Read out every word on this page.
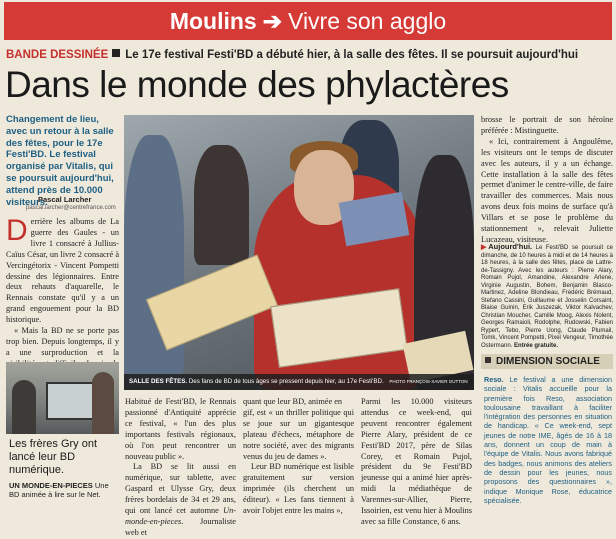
Moulins ➔ Vivre son agglo
BANDE DESSINÉE Le 17e festival Festi'BD a débuté hier, à la salle des fêtes. Il se poursuit aujourd'hui
Dans le monde des phylactères
Changement de lieu, avec un retour à la salle des fêtes, pour le 17e Festi'BD. Le festival organisé par Vitalis, qui se poursuit aujourd'hui, attend près de 10.000 visiteurs.
Pascal Larcher
pascal.larcher@centrefrance.com

Derrière les albums de La guerre des Gaules - un livre 1 consacré à Jullius-Caïus César, un livre 2 consacré à Vercingétorix - Vincent Pompetti dessine des légionnaires. Entre deux rehauts d'aquarelle, le Rennais constate qu'il y a un grand engouement pour la BD historique.

« Mais la BD ne se porte pas trop bien. Depuis longtemps, il y a une surproduction et la

Les frères Gry ont lancé leur BD numérique.
UN MONDE-EN-PIECES Une BD animée à lire sur le Net.
SALLE DES FÊTES. Des fans de BD de tous âges se pressent depuis hier, au 17e Festi'BD. PHOTO FRANÇOIS-XAVIER GUTTON

Habitué de Festi'BD, le Rennais passionné d'Antiquité apprécie ce festival, « l'un des plus importants festivals régionaux, où l'on peut rencontrer un nouveau public ».

La BD se lit aussi en numérique, sur tablette, avec Gaspard et Ulysse Gry, deux frères bordelais de 34 et 29 ans, qui ont lancé cet automne Un-monde-en-pieces. Journaliste web et

quant que leur BD, animée en

gif, est « un thriller politique qui se joue sur un gigantesque plateau d'échecs, métaphore de notre société, avec des migrants venus du jeu de dames ».

Leur BD numérique est lisible gratuitement sur version imprimée (ils cherchent un éditeur). « Les fans tiennent à avoir l'objet entre les mains »,

Parmi les 10.000 visiteurs attendus ce week-end, qui peuvent rencontrer également Pierre Alary, président de ce Festi'BD 2017, père de Silas Corey, et Romain Pujol, président du 9e Festi'BD jeunesse qui a animé hier après-midi la médiathèque de Varennes-sur-Allier, Pierre, Issoirien, est venu hier à Moulins avec sa fille Constance, 6 ans.

brosse le portrait de son héroïne préférée : Mistinguette.

« Ici, contrairement à Angoulême, les visiteurs ont le temps de discuter avec les auteurs, il y a un échange. Cette installation à la salle des fêtes permet d'animer le centre-ville, de faire travailler des commerces. Mais nous avons deux fois moins de surface qu'à Villars et se pose le problème du stationnement », relevait Juliette Lucazeau, visiteuse.

▶ Aujourd'hui. Le Festi'BD se poursuit ce dimanche, de 10 heures à midi et de 14 heures à 18 heures, à la salle des fêtes, place de Lattre-de-Tassigny. Avec les auteurs : Pierre Alary, Romain Pujol, Amandine, Alexandre Arlene, Virginie Augustin, Bohem, Benjamin Blasco-Martinez, Adeline Blondieau, Frédéric Brémaud, Stefano Cassini, Guillaume et Josselin Corsaint, Blaise Guinin, Erik Juszezak, Viktor Kalvachev, Christian Moucher, Camille Moog, Alexis Nolent, Georges Ramaioli, Rodolphe, Rudowski, Fabien Rypert, Tebo, Pierre Uong, Claude Plumail, Tomk, Vincent Pompetti, Pixel Vengeur, Timothée Ostermann. Entrée gratuite.
DIMENSION SOCIALE
Reso. Le festival a une dimension sociale : Vitalis accueille pour la première fois Reso, association toulousaine travaillant à faciliter l'intégration des personnes en situation de handicap. « Ce week-end, sept jeunes de notre IME, âgés de 16 à 18 ans, donnent un coup de main à l'équipe de Vitalis. Nous avons fabriqué des badges, nous animons des ateliers de dessin pour les jeunes, nous proposons des questionnaires », indique Monique Rose, éducatrice spécialisée.
